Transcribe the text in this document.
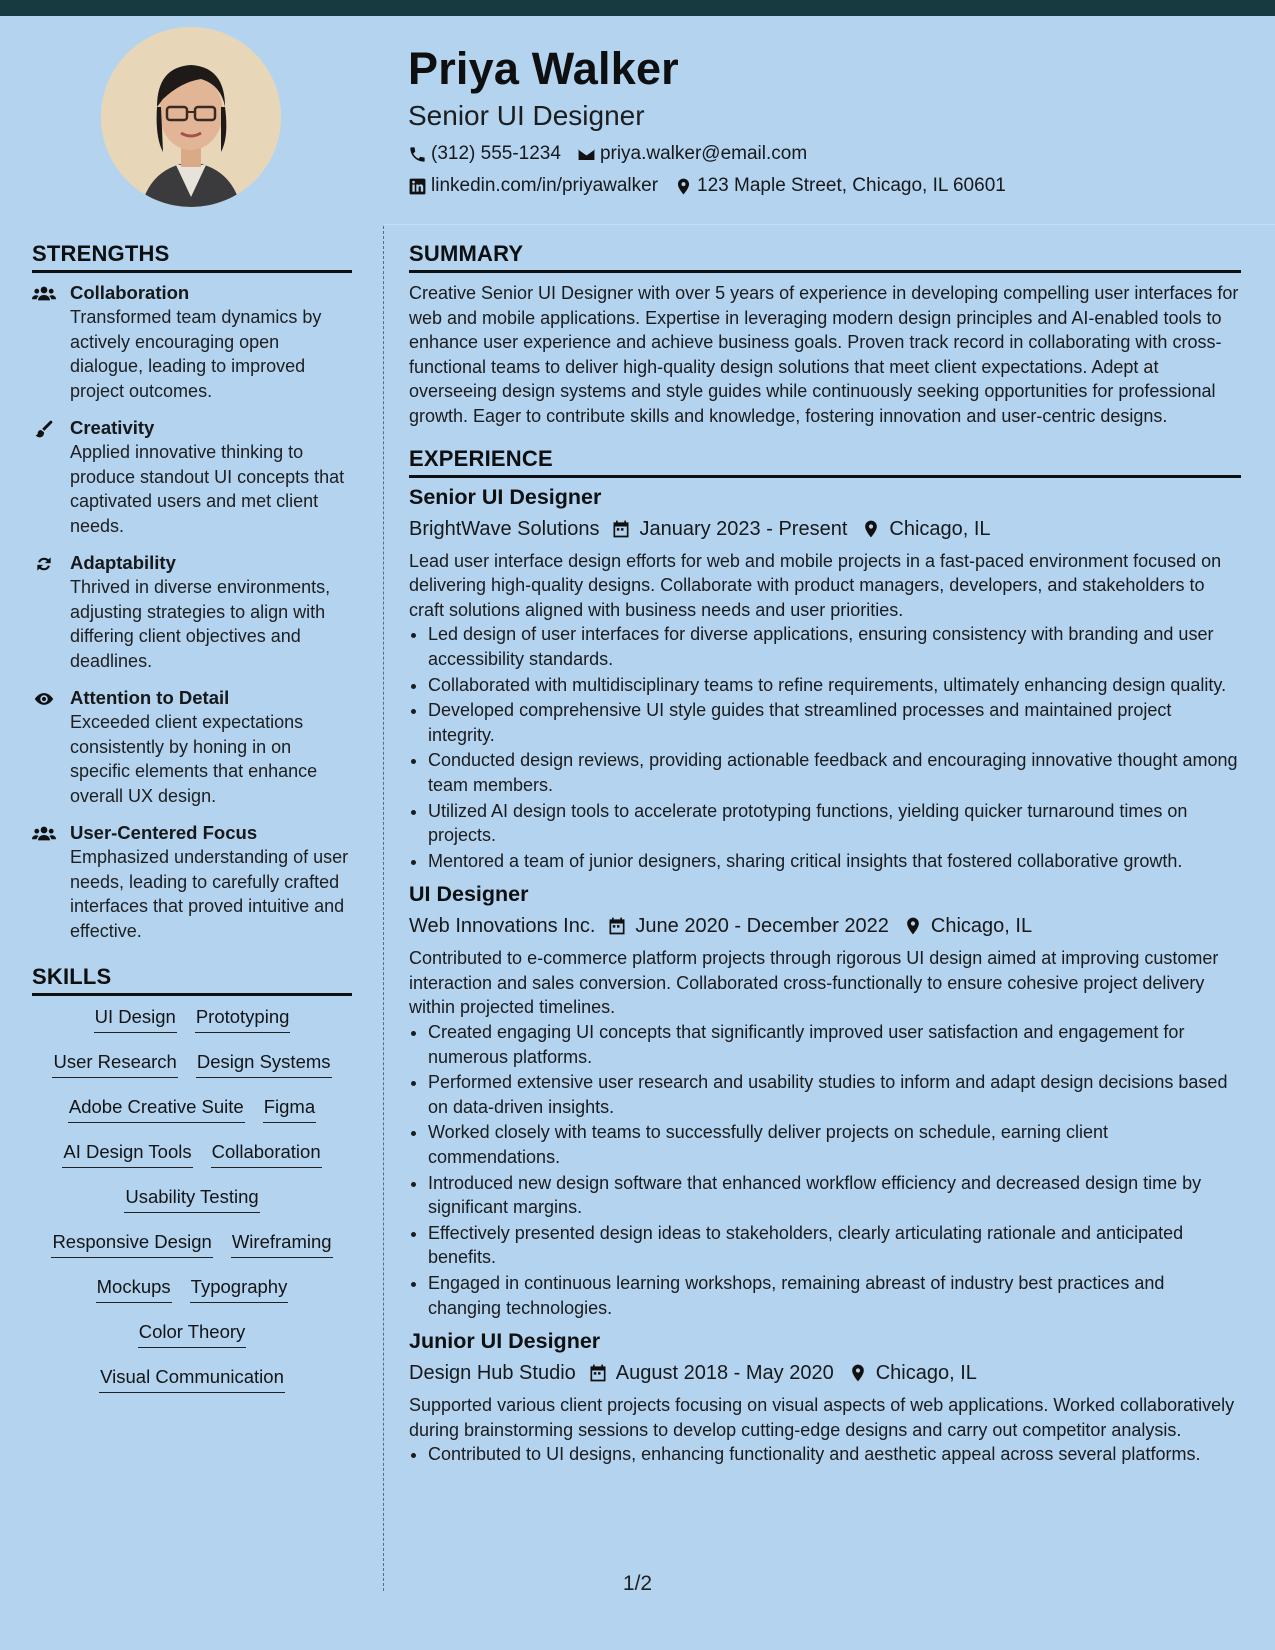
Priya Walker
Senior UI Designer
(312) 555-1234 priya.walker@email.com
linkedin.com/in/priyawalker 123 Maple Street, Chicago, IL 60601
STRENGTHS
Collaboration
Transformed team dynamics by actively encouraging open dialogue, leading to improved project outcomes.
Creativity
Applied innovative thinking to produce standout UI concepts that captivated users and met client needs.
Adaptability
Thrived in diverse environments, adjusting strategies to align with differing client objectives and deadlines.
Attention to Detail
Exceeded client expectations consistently by honing in on specific elements that enhance overall UX design.
User-Centered Focus
Emphasized understanding of user needs, leading to carefully crafted interfaces that proved intuitive and effective.
SKILLS
UI Design Prototyping
User Research Design Systems
Adobe Creative Suite Figma
AI Design Tools Collaboration
Usability Testing
Responsive Design Wireframing
Mockups Typography
Color Theory
Visual Communication
SUMMARY
Creative Senior UI Designer with over 5 years of experience in developing compelling user interfaces for web and mobile applications. Expertise in leveraging modern design principles and AI-enabled tools to enhance user experience and achieve business goals. Proven track record in collaborating with cross-functional teams to deliver high-quality design solutions that meet client expectations. Adept at overseeing design systems and style guides while continuously seeking opportunities for professional growth. Eager to contribute skills and knowledge, fostering innovation and user-centric designs.
EXPERIENCE
Senior UI Designer
BrightWave Solutions January 2023 - Present Chicago, IL
Lead user interface design efforts for web and mobile projects in a fast-paced environment focused on delivering high-quality designs. Collaborate with product managers, developers, and stakeholders to craft solutions aligned with business needs and user priorities.
• Led design of user interfaces for diverse applications, ensuring consistency with branding and user accessibility standards.
• Collaborated with multidisciplinary teams to refine requirements, ultimately enhancing design quality.
• Developed comprehensive UI style guides that streamlined processes and maintained project integrity.
• Conducted design reviews, providing actionable feedback and encouraging innovative thought among team members.
• Utilized AI design tools to accelerate prototyping functions, yielding quicker turnaround times on projects.
• Mentored a team of junior designers, sharing critical insights that fostered collaborative growth.
UI Designer
Web Innovations Inc. June 2020 - December 2022 Chicago, IL
Contributed to e-commerce platform projects through rigorous UI design aimed at improving customer interaction and sales conversion. Collaborated cross-functionally to ensure cohesive project delivery within projected timelines.
• Created engaging UI concepts that significantly improved user satisfaction and engagement for numerous platforms.
• Performed extensive user research and usability studies to inform and adapt design decisions based on data-driven insights.
• Worked closely with teams to successfully deliver projects on schedule, earning client commendations.
• Introduced new design software that enhanced workflow efficiency and decreased design time by significant margins.
• Effectively presented design ideas to stakeholders, clearly articulating rationale and anticipated benefits.
• Engaged in continuous learning workshops, remaining abreast of industry best practices and changing technologies.
Junior UI Designer
Design Hub Studio August 2018 - May 2020 Chicago, IL
Supported various client projects focusing on visual aspects of web applications. Worked collaboratively during brainstorming sessions to develop cutting-edge designs and carry out competitor analysis.
• Contributed to UI designs, enhancing functionality and aesthetic appeal across several platforms.
1/2
